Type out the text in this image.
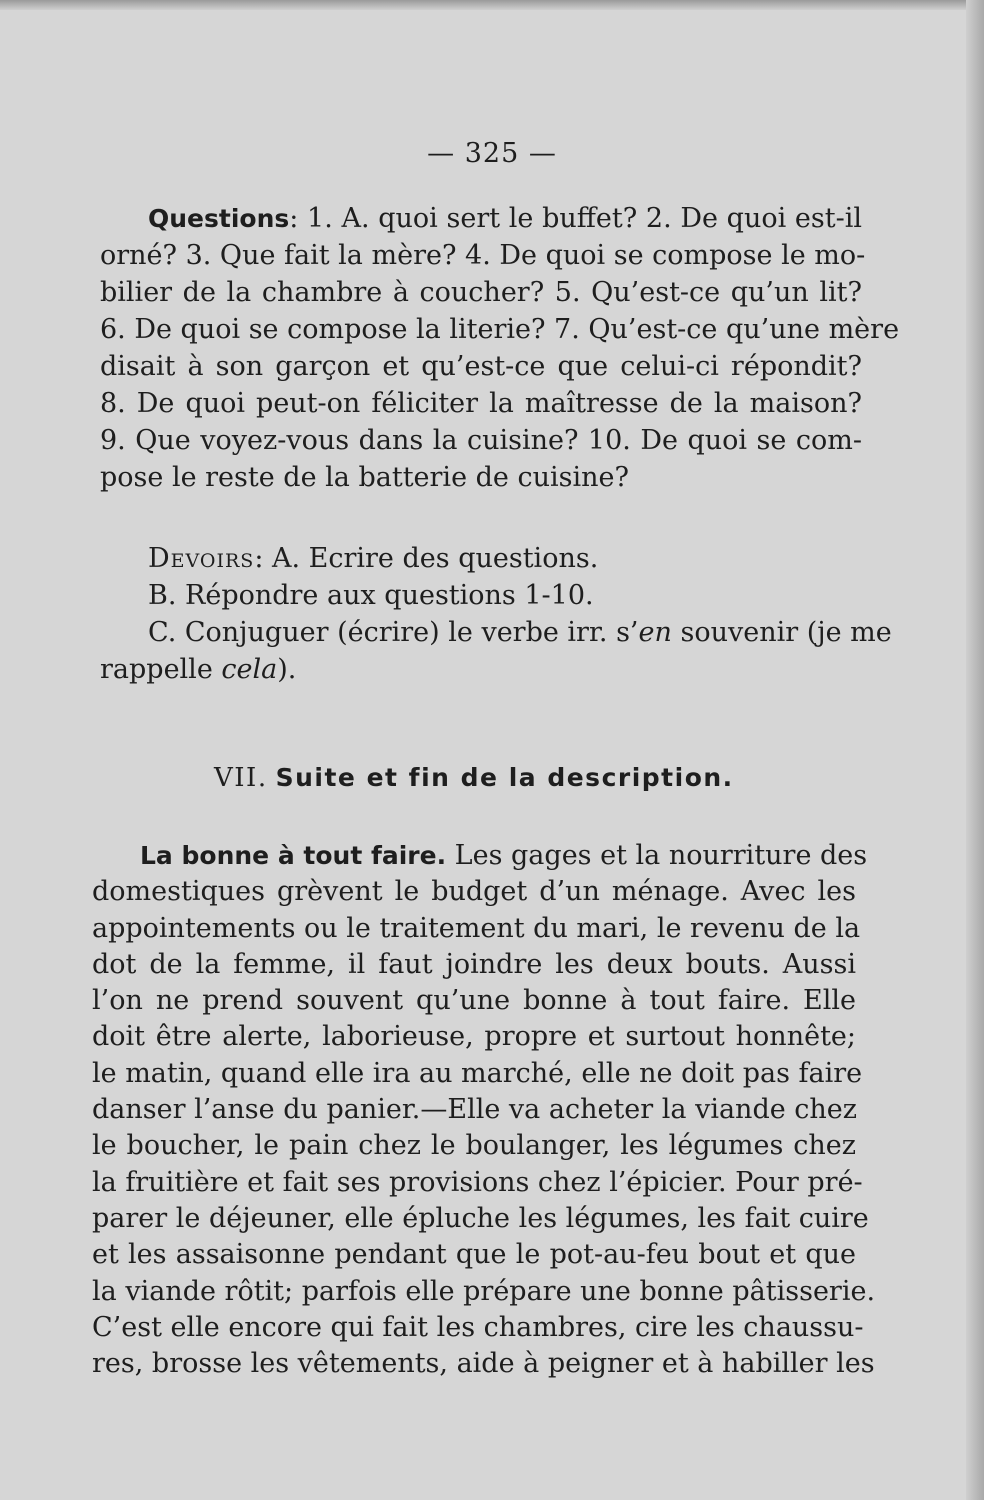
— 325 —
Questions: 1. A. quoi sert le buffet? 2. De quoi est-il
orné? 3. Que fait la mère? 4. De quoi se compose le mo-
bilier de la chambre à coucher? 5. Qu’est-ce qu’un lit?
6. De quoi se compose la literie? 7. Qu’est-ce qu’une mère
disait à son garçon et qu’est-ce que celui-ci répondit?
8. De quoi peut-on féliciter la maîtresse de la maison?
9. Que voyez-vous dans la cuisine? 10. De quoi se com-
pose le reste de la batterie de cuisine?
Devoirs: A. Ecrire des questions.
B. Répondre aux questions 1-10.
C. Conjuguer (écrire) le verbe irr. s’en souvenir (je me
rappelle cela).
VII. Suite et fin de la description.
La bonne à tout faire. Les gages et la nourriture des
domestiques grèvent le budget d’un ménage. Avec les
appointements ou le traitement du mari, le revenu de la
dot de la femme, il faut joindre les deux bouts. Aussi
l’on ne prend souvent qu’une bonne à tout faire. Elle
doit être alerte, laborieuse, propre et surtout honnête;
le matin, quand elle ira au marché, elle ne doit pas faire
danser l’anse du panier.—Elle va acheter la viande chez
le boucher, le pain chez le boulanger, les légumes chez
la fruitière et fait ses provisions chez l’épicier. Pour pré-
parer le déjeuner, elle épluche les légumes, les fait cuire
et les assaisonne pendant que le pot-au-feu bout et que
la viande rôtit; parfois elle prépare une bonne pâtisserie.
C’est elle encore qui fait les chambres, cire les chaussu-
res, brosse les vêtements, aide à peigner et à habiller les
